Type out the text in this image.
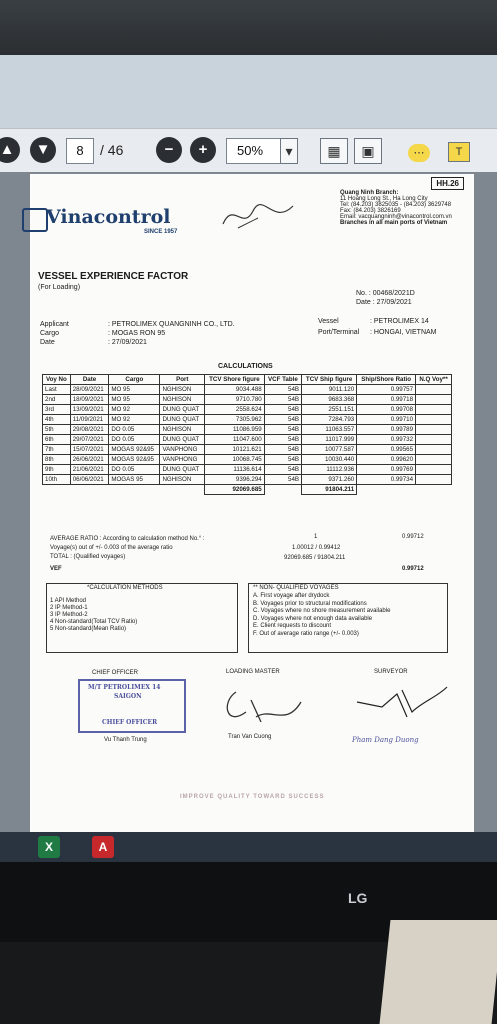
▲	▼	8	/ 46	−	+	50%	▾	▦	▣	⋯	T
HH.26
Vinacontrol
SINCE 1957
Quang Ninh Branch:
11 Hoang Long St., Ha Long City
Tel: (84.203) 3825035 - (84.203) 3629748
Fax: (84.203) 3826169
Email: vacquangninh@vinacontrol.com.vn
Branches in all main ports of Vietnam
VESSEL EXPERIENCE FACTOR
(For Loading)
No. : 00468/2021D
Date : 27/09/2021
Applicant	: PETROLIMEX QUANGNINH CO., LTD.
Cargo	: MOGAS RON 95
Date	: 27/09/2021
Vessel	: PETROLIMEX 14
Port/Terminal : HONGAI, VIETNAM
CALCULATIONS
Voy No	Date	Cargo	Port	TCV Shore figure	VCF Table	TCV Ship figure	Ship/Shore Ratio	N.Q Voy**
Last	28/09/2021	MO 95	NGHISON	9034.488	54B	9011.120	0.99757	
2nd	18/09/2021	MO 95	NGHISON	9710.780	54B	9683.368	0.99718	
3rd	13/09/2021	MO 92	DUNG QUAT	2558.624	54B	2551.151	0.99708	
4th	11/09/2021	MO 92	DUNG QUAT	7305.962	54B	7284.793	0.99710	
5th	29/08/2021	DO 0.05	NGHISON	11086.959	54B	11063.557	0.99789	
6th	29/07/2021	DO 0.05	DUNG QUAT	11047.600	54B	11017.999	0.99732	
7th	15/07/2021	MOGAS 92&95	VANPHONG	10121.621	54B	10077.587	0.99565	
8th	26/06/2021	MOGAS 92&95	VANPHONG	10068.745	54B	10030.440	0.99620	
9th	21/06/2021	DO 0.05	DUNG QUAT	11136.614	54B	11112.936	0.99769	
10th	06/06/2021	MOGAS 95	NGHISON	9396.294	54B	9371.260	0.99734	
				92069.685		91804.211		
AVERAGE RATIO : According to calculation method No.° :	1	0.99712
Voyage(s) out of +/- 0.003 of the average ratio	1.00012 / 0.99412
TOTAL : (Qualified voyages)	92069.685 / 91804.211
VEF	0.99712
*CALCULATION METHODS
1 API Method
2 IP Method-1
3 IP Method-2
4 Non-standard(Total TCV Ratio)
5 Non-standard(Mean Ratio)
** NON- QUALIFIED VOYAGES
A. First voyage after drydock
B. Voyages prior to structural modifications
C. Voyages where no shore measurement available
D. Voyages where not enough data available
E. Client requests to discount
F. Out of average ratio range (+/- 0.003)
CHIEF OFFICER	LOADING MASTER	SURVEYOR
M/T PETROLIMEX 14
SAIGON
CHIEF OFFICER
Vu Thanh Trung	Tran Van Cuong	Pham Dang Duong
IMPROVE QUALITY TOWARD SUCCESS
X	A
LG
